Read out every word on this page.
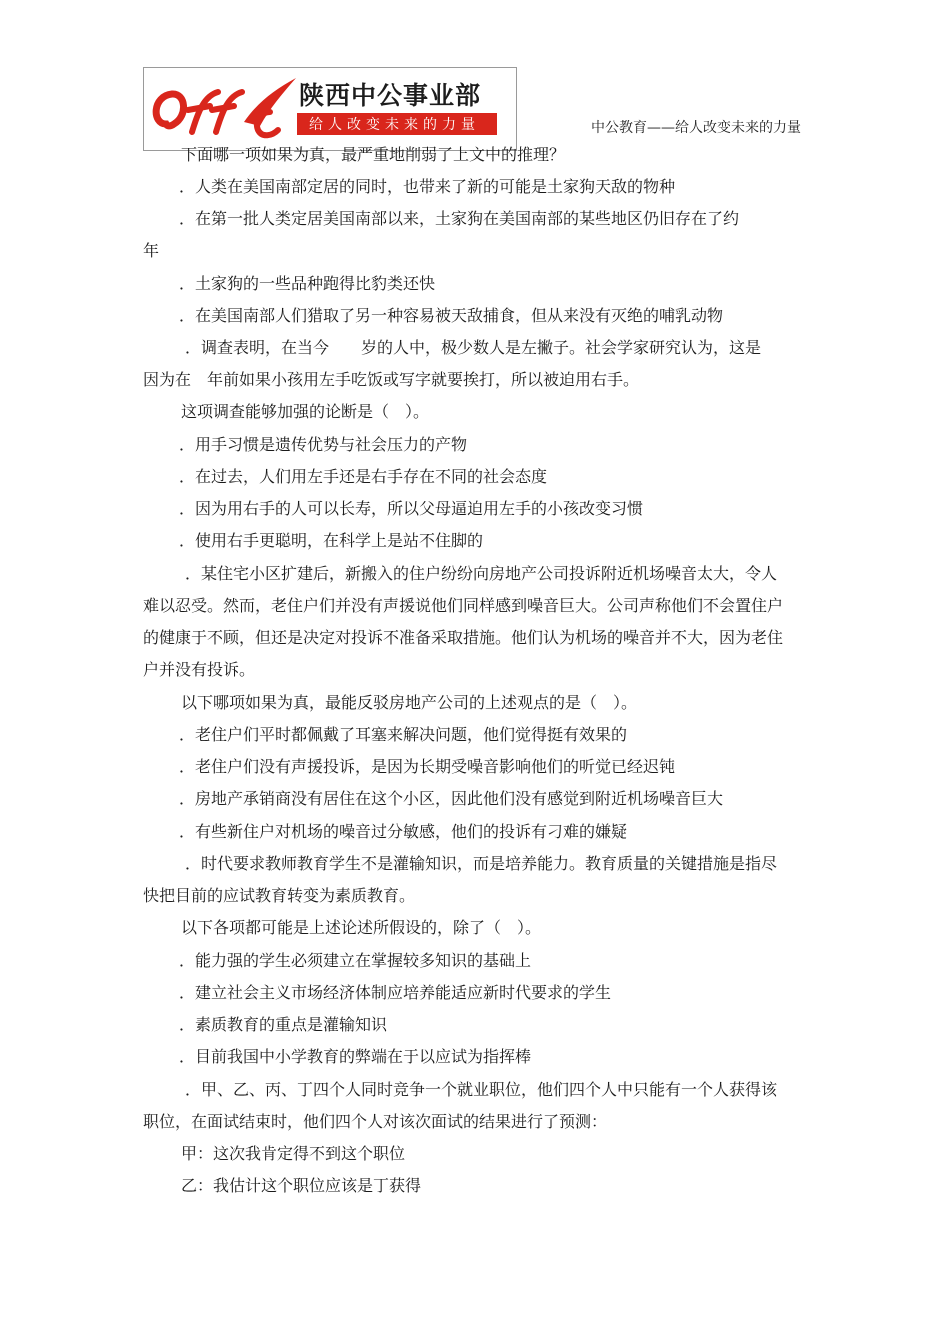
陕西中公事业部
给人改变未来的力量	中公教育——给人改变未来的力量
下面哪一项如果为真，最严重地削弱了上文中的推理？
．人类在美国南部定居的同时，也带来了新的可能是土家狗天敌的物种
．在第一批人类定居美国南部以来，土家狗在美国南部的某些地区仍旧存在了约
年
．土家狗的一些品种跑得比豹类还快
．在美国南部人们猎取了另一种容易被天敌捕食，但从来没有灭绝的哺乳动物
．调查表明，在当今　　岁的人中，极少数人是左撇子。社会学家研究认为，这是
因为在　年前如果小孩用左手吃饭或写字就要挨打，所以被迫用右手。
这项调查能够加强的论断是（　）。
．用手习惯是遗传优势与社会压力的产物
．在过去，人们用左手还是右手存在不同的社会态度
．因为用右手的人可以长寿，所以父母逼迫用左手的小孩改变习惯
．使用右手更聪明，在科学上是站不住脚的
．某住宅小区扩建后，新搬入的住户纷纷向房地产公司投诉附近机场噪音太大，令人
难以忍受。然而，老住户们并没有声援说他们同样感到噪音巨大。公司声称他们不会置住户
的健康于不顾，但还是决定对投诉不准备采取措施。他们认为机场的噪音并不大，因为老住
户并没有投诉。
以下哪项如果为真，最能反驳房地产公司的上述观点的是（　）。
．老住户们平时都佩戴了耳塞来解决问题，他们觉得挺有效果的
．老住户们没有声援投诉，是因为长期受噪音影响他们的听觉已经迟钝
．房地产承销商没有居住在这个小区，因此他们没有感觉到附近机场噪音巨大
．有些新住户对机场的噪音过分敏感，他们的投诉有刁难的嫌疑
．时代要求教师教育学生不是灌输知识，而是培养能力。教育质量的关键措施是指尽
快把目前的应试教育转变为素质教育。
以下各项都可能是上述论述所假设的，除了（　）。
．能力强的学生必须建立在掌握较多知识的基础上
．建立社会主义市场经济体制应培养能适应新时代要求的学生
．素质教育的重点是灌输知识
．目前我国中小学教育的弊端在于以应试为指挥棒
．甲、乙、丙、丁四个人同时竞争一个就业职位，他们四个人中只能有一个人获得该
职位，在面试结束时，他们四个人对该次面试的结果进行了预测：
甲：这次我肯定得不到这个职位
乙：我估计这个职位应该是丁获得
